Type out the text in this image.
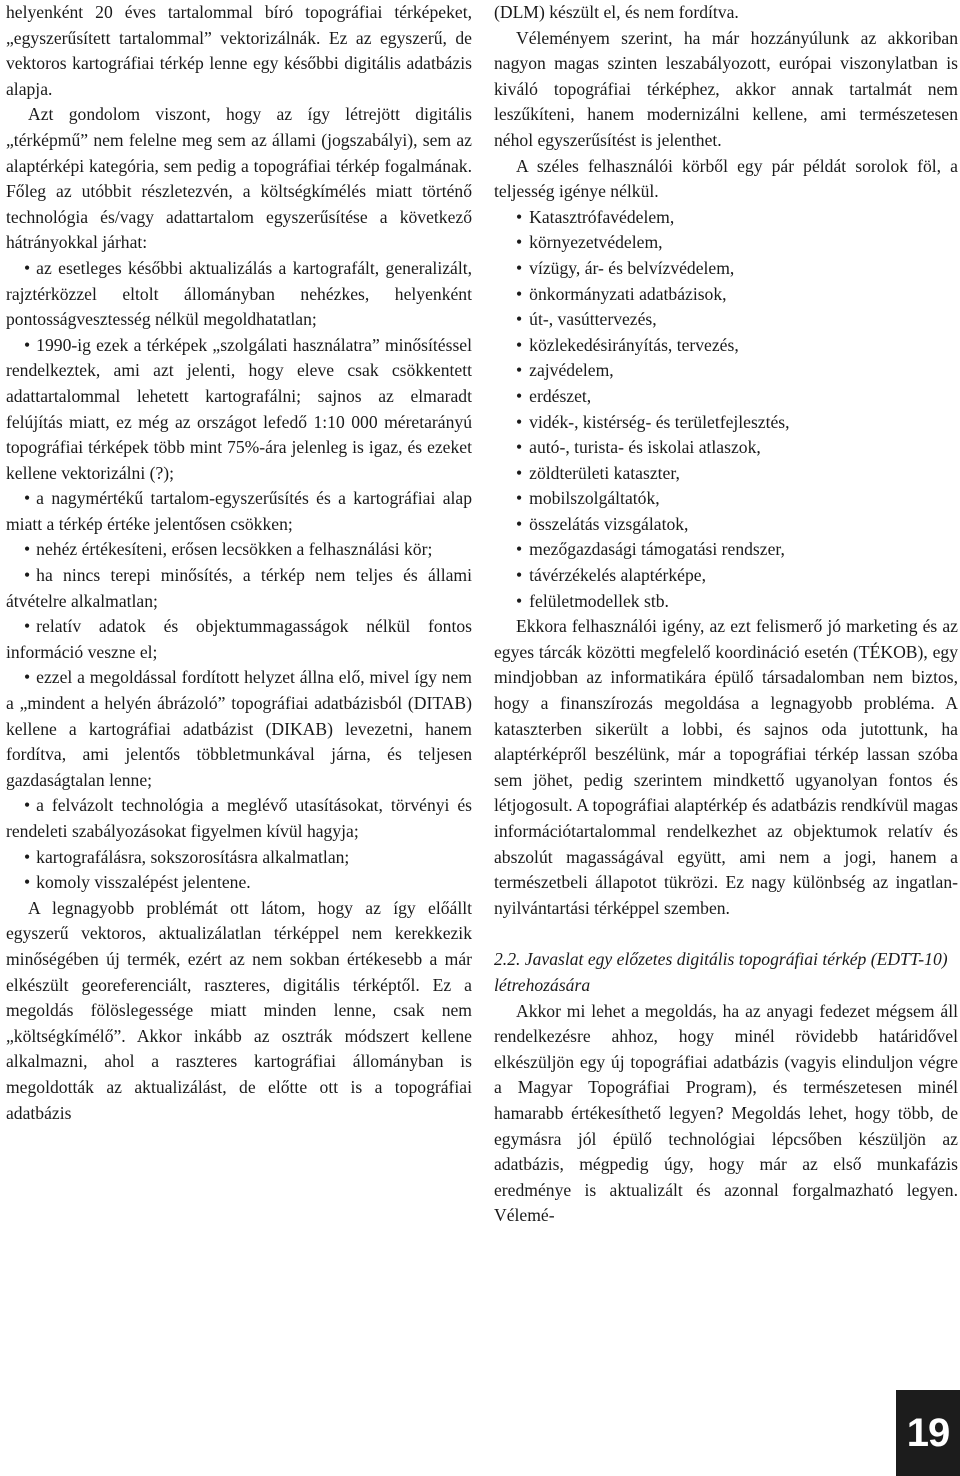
helyenként 20 éves tartalommal bíró topográfiai térképeket, „egyszerűsített tartalommal” vektorizálnák. Ez az egyszerű, de vektoros kartográfiai térkép lenne egy későbbi digitális adatbázis alapja.

Azt gondolom viszont, hogy az így létrejött digitális „térképmű” nem felelne meg sem az állami (jogszabályi), sem az alaptérképi kategória, sem pedig a topográfiai térkép fogalmának. Főleg az utóbbit részletezvén, a költségkímélés miatt történő technológia és/vagy adattartalom egyszerűsítése a következő hátrányokkal járhat:

• az esetleges későbbi aktualizálás a kartografált, generalizált, rajztérközzel eltolt állományban nehézkes, helyenként pontosságvesztesség nélkül megoldhatatlan;

• 1990-ig ezek a térképek „szolgálati használatra” minősítéssel rendelkeztek, ami azt jelenti, hogy eleve csak csökkentett adattartalommal lehetett kartografálni; sajnos az elmaradt felújítás miatt, ez még az országot lefedő 1:10 000 méretarányú topográfiai térképek több mint 75%-ára jelenleg is igaz, és ezeket kellene vektorizálni (?);

• a nagymértékű tartalom-egyszerűsítés és a kartográfiai alap miatt a térkép értéke jelentősen csökken;

• nehéz értékesíteni, erősen lecsökken a felhasználási kör;

• ha nincs terepi minősítés, a térkép nem teljes és állami átvételre alkalmatlan;

• relatív adatok és objektummagasságok nélkül fontos információ veszne el;

• ezzel a megoldással fordított helyzet állna elő, mivel így nem a „mindent a helyén ábrázoló” topográfiai adatbázisból (DITAB) kellene a kartográfiai adatbázist (DIKAB) levezetni, hanem fordítva, ami jelentős többletmunkával járna, és teljesen gazdaságtalan lenne;

• a felvázolt technológia a meglévő utasításokat, törvényi és rendeleti szabályozásokat figyelmen kívül hagyja;

• kartografálásra, sokszorosításra alkalmatlan;

• komoly visszalépést jelentene.

A legnagyobb problémát ott látom, hogy az így előállt egyszerű vektoros, aktualizálatlan térképpel nem kerekkezik minőségében új termék, ezért az nem sokban értékesebb a már elkészült georeferenciált, raszteres, digitális térképtől. Ez a megoldás fölöslegessége miatt minden lenne, csak nem „költségkímélő”. Akkor inkább az osztrák módszert kellene alkalmazni, ahol a raszteres kartográfiai állományban is megoldották az aktualizálást, de előtte ott is a topográfiai adatbázis

(DLM) készült el, és nem fordítva.

Véleményem szerint, ha már hozzányúlunk az akkoriban nagyon magas szinten leszabályozott, európai viszonylatban is kiváló topográfiai térképhez, akkor annak tartalmát nem leszűkíteni, hanem modernizálni kellene, ami természetesen néhol egyszerűsítést is jelenthet.

A széles felhasználói körből egy pár példát sorolok föl, a teljesség igénye nélkül.

• Katasztrófavédelem,
• környezetvédelem,
• vízügy, ár- és belvízvédelem,
• önkormányzati adatbázisok,
• út-, vasúttervezés,
• közlekedésirányítás, tervezés,
• zajvédelem,
• erdészet,
• vidék-, kistérség- és területfejlesztés,
• autó-, turista- és iskolai atlaszok,
• zöldterületi kataszter,
• mobilszolgáltatók,
• összelátás vizsgálatok,
• mezőgazdasági támogatási rendszer,
• távérzékelés alaptérképe,
• felületmodellek stb.

Ekkora felhasználói igény, az ezt felismerő jó marketing és az egyes tárcák közötti megfelelő koordináció esetén (TÉKOB), egy mindjobban az informatikára épülő társadalomban nem biztos, hogy a finanszírozás megoldása a legnagyobb probléma. A kataszterben sikerült a lobbi, és sajnos oda jutottunk, ha alaptérképről beszélünk, már a topográfiai térkép lassan szóba sem jöhet, pedig szerintem mindkettő ugyanolyan fontos és létjogosult. A topográfiai alaptérkép és adatbázis rendkívül magas információtartalommal rendelkezhet az objektumok relatív és abszolút magasságával együtt, ami nem a jogi, hanem a természetbeli állapotot tükrözi. Ez nagy különbség az ingatlan-nyilvántartási térképpel szemben.

2.2. Javaslat egy előzetes digitális topográfiai térkép (EDTT-10) létrehozására

Akkor mi lehet a megoldás, ha az anyagi fedezet mégsem áll rendelkezésre ahhoz, hogy minél rövidebb határidővel elkészüljön egy új topográfiai adatbázis (vagyis elinduljon végre a Magyar Topográfiai Program), és természetesen minél hamarabb értékesíthető legyen? Megoldás lehet, hogy több, de egymásra jól épülő technológiai lépcsőben készüljön az adatbázis, mégpedig úgy, hogy már az első munkafázis eredménye is aktualizált és azonnal forgalmazható legyen. Vélemé-

19
